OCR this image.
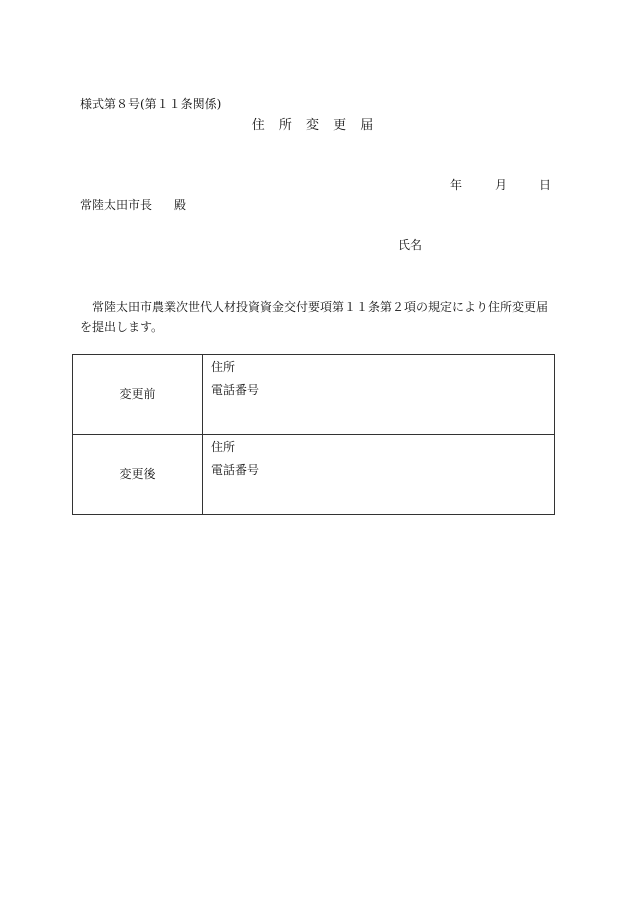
様式第８号(第１１条関係)
住 所 変 更 届
年	月	日
常陸太田市長 殿
氏名
常陸太田市農業次世代人材投資資金交付要項第１１条第２項の規定により住所変更届
を提出します。
変更前	住所
電話番号

変更後	住所
電話番号
